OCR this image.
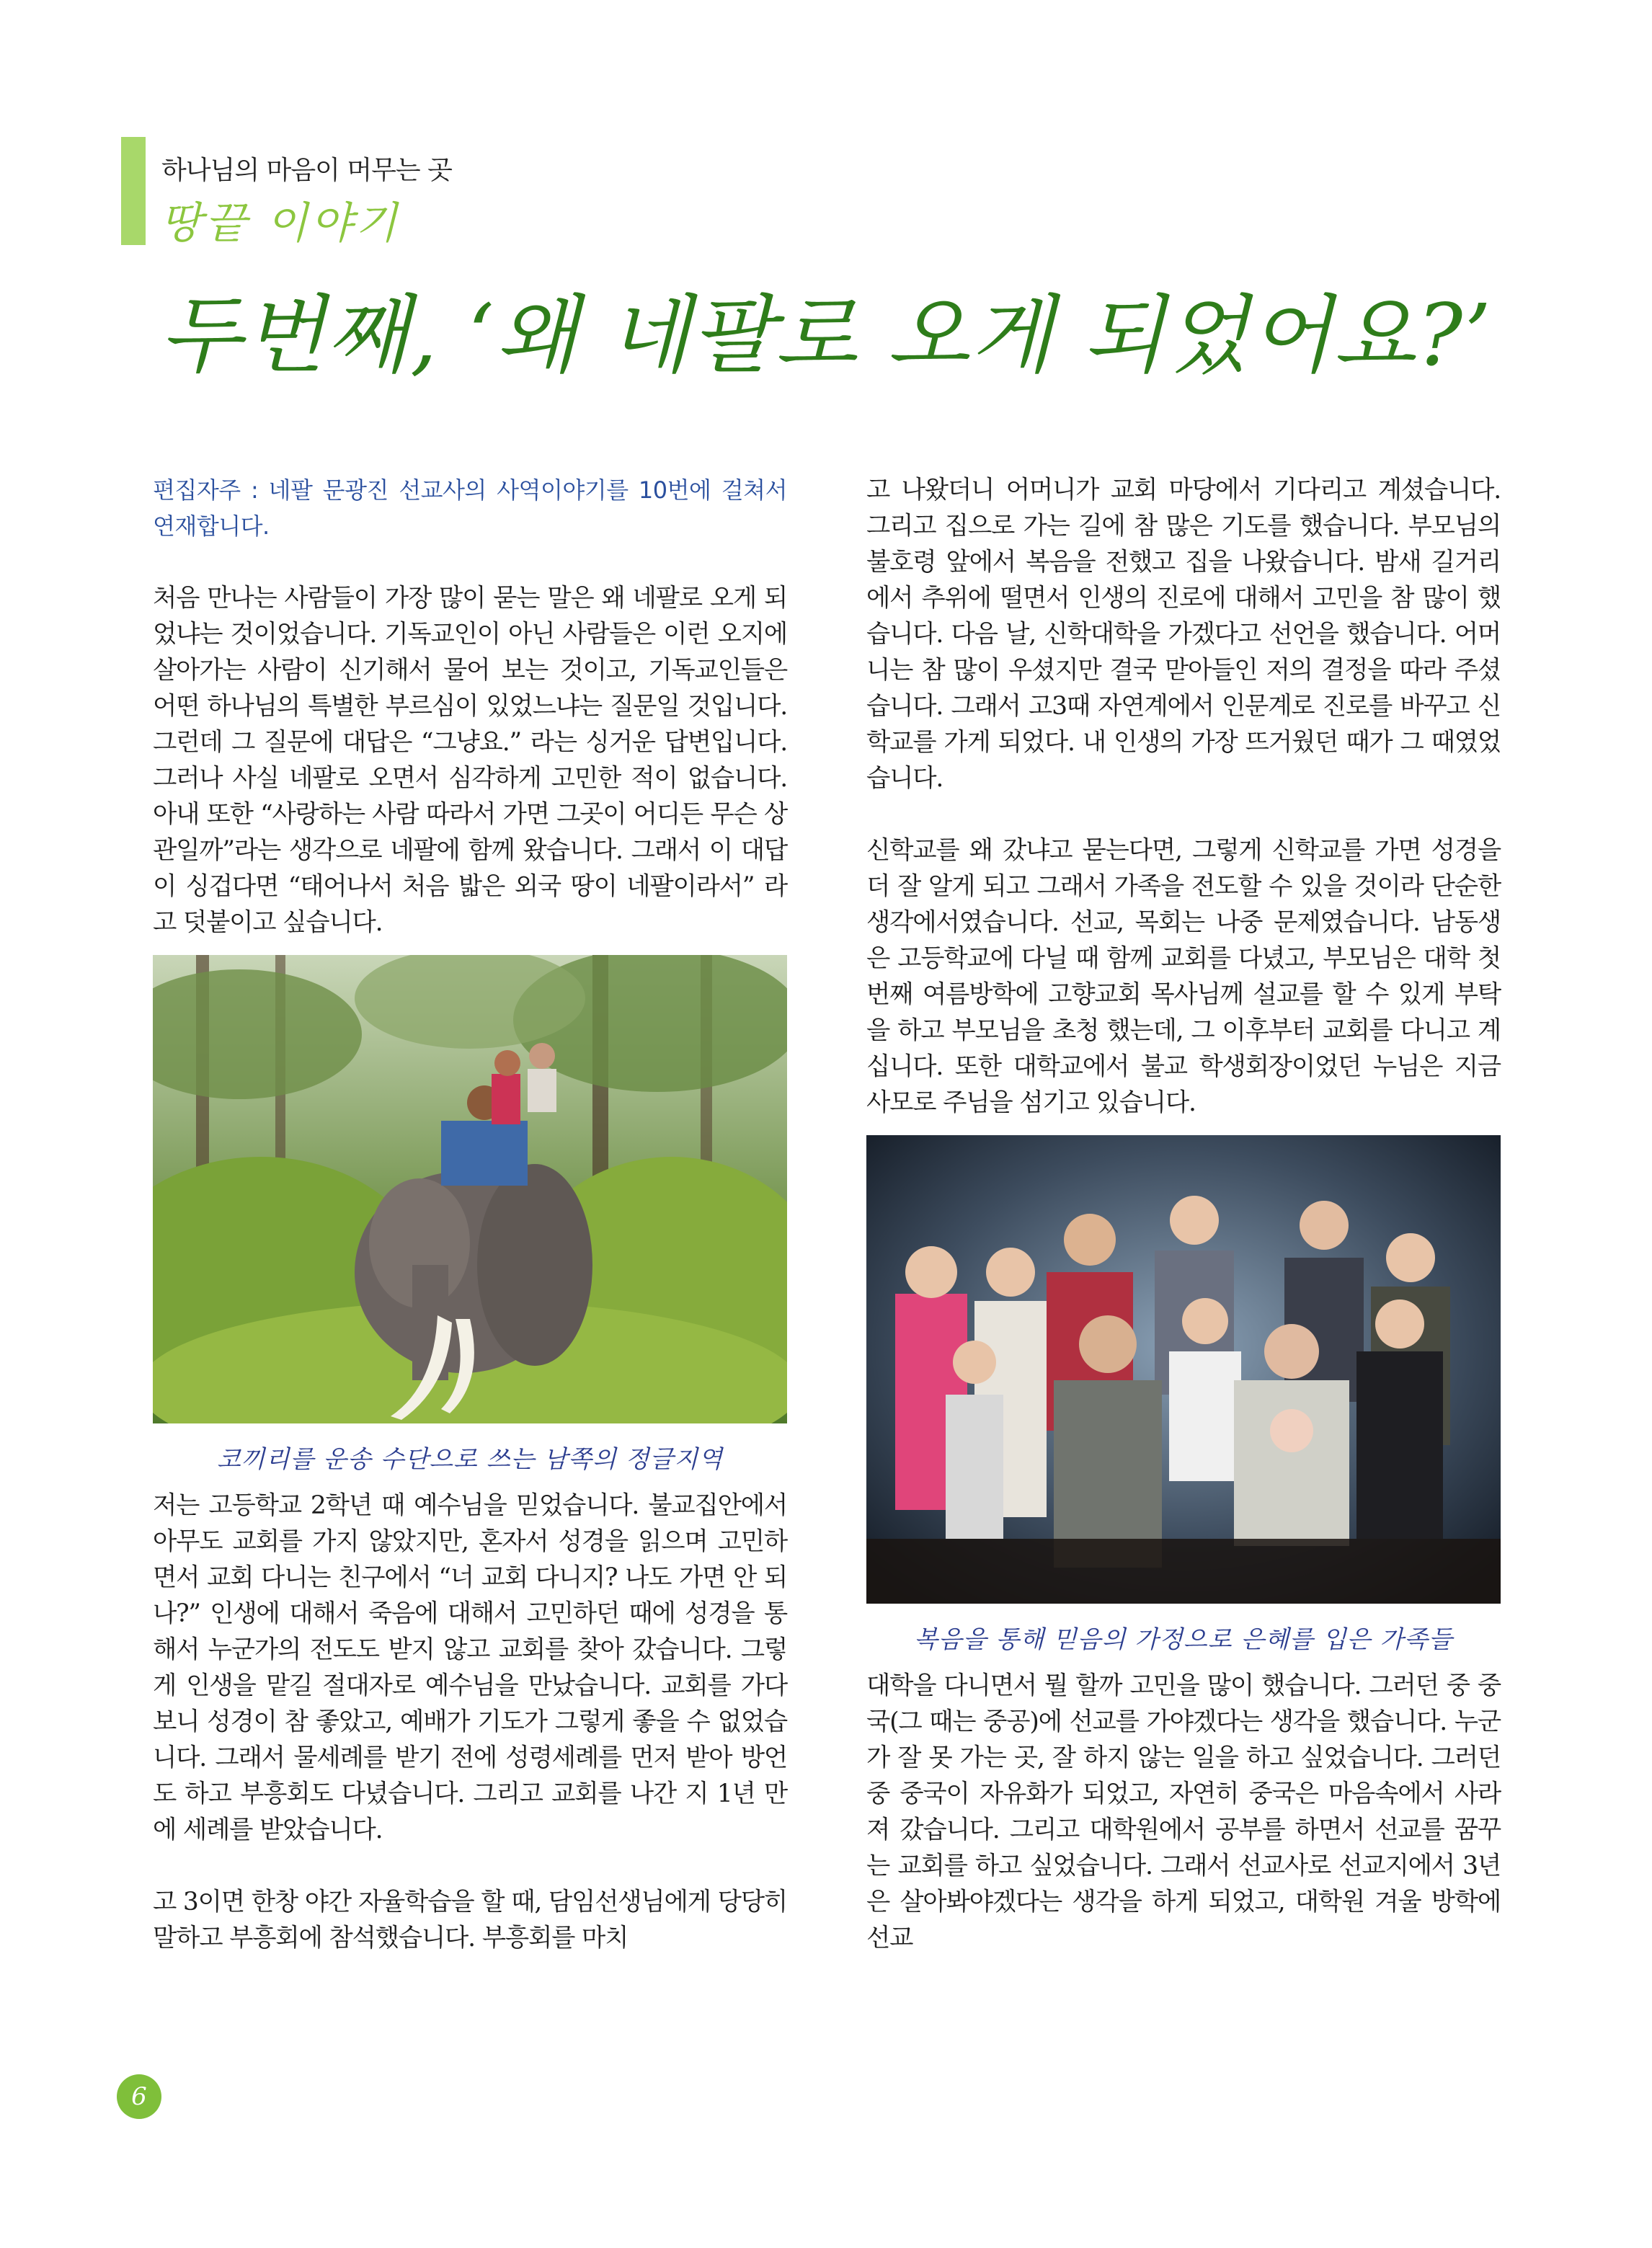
하나님의 마음이 머무는 곳
땅끝 이야기
두번째, ‘왜 네팔로 오게 되었어요?’
편집자주 : 네팔 문광진 선교사의 사역이야기를 10번에 걸쳐서 연재합니다.

처음 만나는 사람들이 가장 많이 묻는 말은 왜 네팔로 오게 되었냐는 것이었습니다. 기독교인이 아닌 사람들은 이런 오지에 살아가는 사람이 신기해서 물어 보는 것이고, 기독교인들은 어떤 하나님의 특별한 부르심이 있었느냐는 질문일 것입니다. 그런데 그 질문에 대답은 “그냥요.” 라는 싱거운 답변입니다. 그러나 사실 네팔로 오면서 심각하게 고민한 적이 없습니다. 아내 또한 “사랑하는 사람 따라서 가면 그곳이 어디든 무슨 상관일까”라는 생각으로 네팔에 함께 왔습니다. 그래서 이 대답이 싱겁다면 “태어나서 처음 밟은 외국 땅이 네팔이라서” 라고 덧붙이고 싶습니다.

코끼리를 운송 수단으로 쓰는 남쪽의 정글지역

저는 고등학교 2학년 때 예수님을 믿었습니다. 불교집안에서 아무도 교회를 가지 않았지만, 혼자서 성경을 읽으며 고민하면서 교회 다니는 친구에서 “너 교회 다니지? 나도 가면 안 되나?” 인생에 대해서 죽음에 대해서 고민하던 때에 성경을 통해서 누군가의 전도도 받지 않고 교회를 찾아 갔습니다. 그렇게 인생을 맡길 절대자로 예수님을 만났습니다. 교회를 가다보니 성경이 참 좋았고, 예배가 기도가 그렇게 좋을 수 없었습니다. 그래서 물세례를 받기 전에 성령세례를 먼저 받아 방언도 하고 부흥회도 다녔습니다. 그리고 교회를 나간 지 1년 만에 세례를 받았습니다.

고 3이면 한창 야간 자율학습을 할 때, 담임선생님에게 당당히 말하고 부흥회에 참석했습니다. 부흥회를 마치

고 나왔더니 어머니가 교회 마당에서 기다리고 계셨습니다. 그리고 집으로 가는 길에 참 많은 기도를 했습니다. 부모님의 불호령 앞에서 복음을 전했고 집을 나왔습니다. 밤새 길거리에서 추위에 떨면서 인생의 진로에 대해서 고민을 참 많이 했습니다. 다음 날, 신학대학을 가겠다고 선언을 했습니다. 어머니는 참 많이 우셨지만 결국 맏아들인 저의 결정을 따라 주셨습니다. 그래서 고3때 자연계에서 인문계로 진로를 바꾸고 신학교를 가게 되었다. 내 인생의 가장 뜨거웠던 때가 그 때였었습니다.

신학교를 왜 갔냐고 묻는다면, 그렇게 신학교를 가면 성경을 더 잘 알게 되고 그래서 가족을 전도할 수 있을 것이라 단순한 생각에서였습니다. 선교, 목회는 나중 문제였습니다. 남동생은 고등학교에 다닐 때 함께 교회를 다녔고, 부모님은 대학 첫 번째 여름방학에 고향교회 목사님께 설교를 할 수 있게 부탁을 하고 부모님을 초청 했는데, 그 이후부터 교회를 다니고 계십니다. 또한 대학교에서 불교 학생회장이었던 누님은 지금 사모로 주님을 섬기고 있습니다.

복음을 통해 믿음의 가정으로 은혜를 입은 가족들

대학을 다니면서 뭘 할까 고민을 많이 했습니다. 그러던 중 중국(그 때는 중공)에 선교를 가야겠다는 생각을 했습니다. 누군가 잘 못 가는 곳, 잘 하지 않는 일을 하고 싶었습니다. 그러던 중 중국이 자유화가 되었고, 자연히 중국은 마음속에서 사라져 갔습니다. 그리고 대학원에서 공부를 하면서 선교를 꿈꾸는 교회를 하고 싶었습니다. 그래서 선교사로 선교지에서 3년은 살아봐야겠다는 생각을 하게 되었고, 대학원 겨울 방학에 선교

6
